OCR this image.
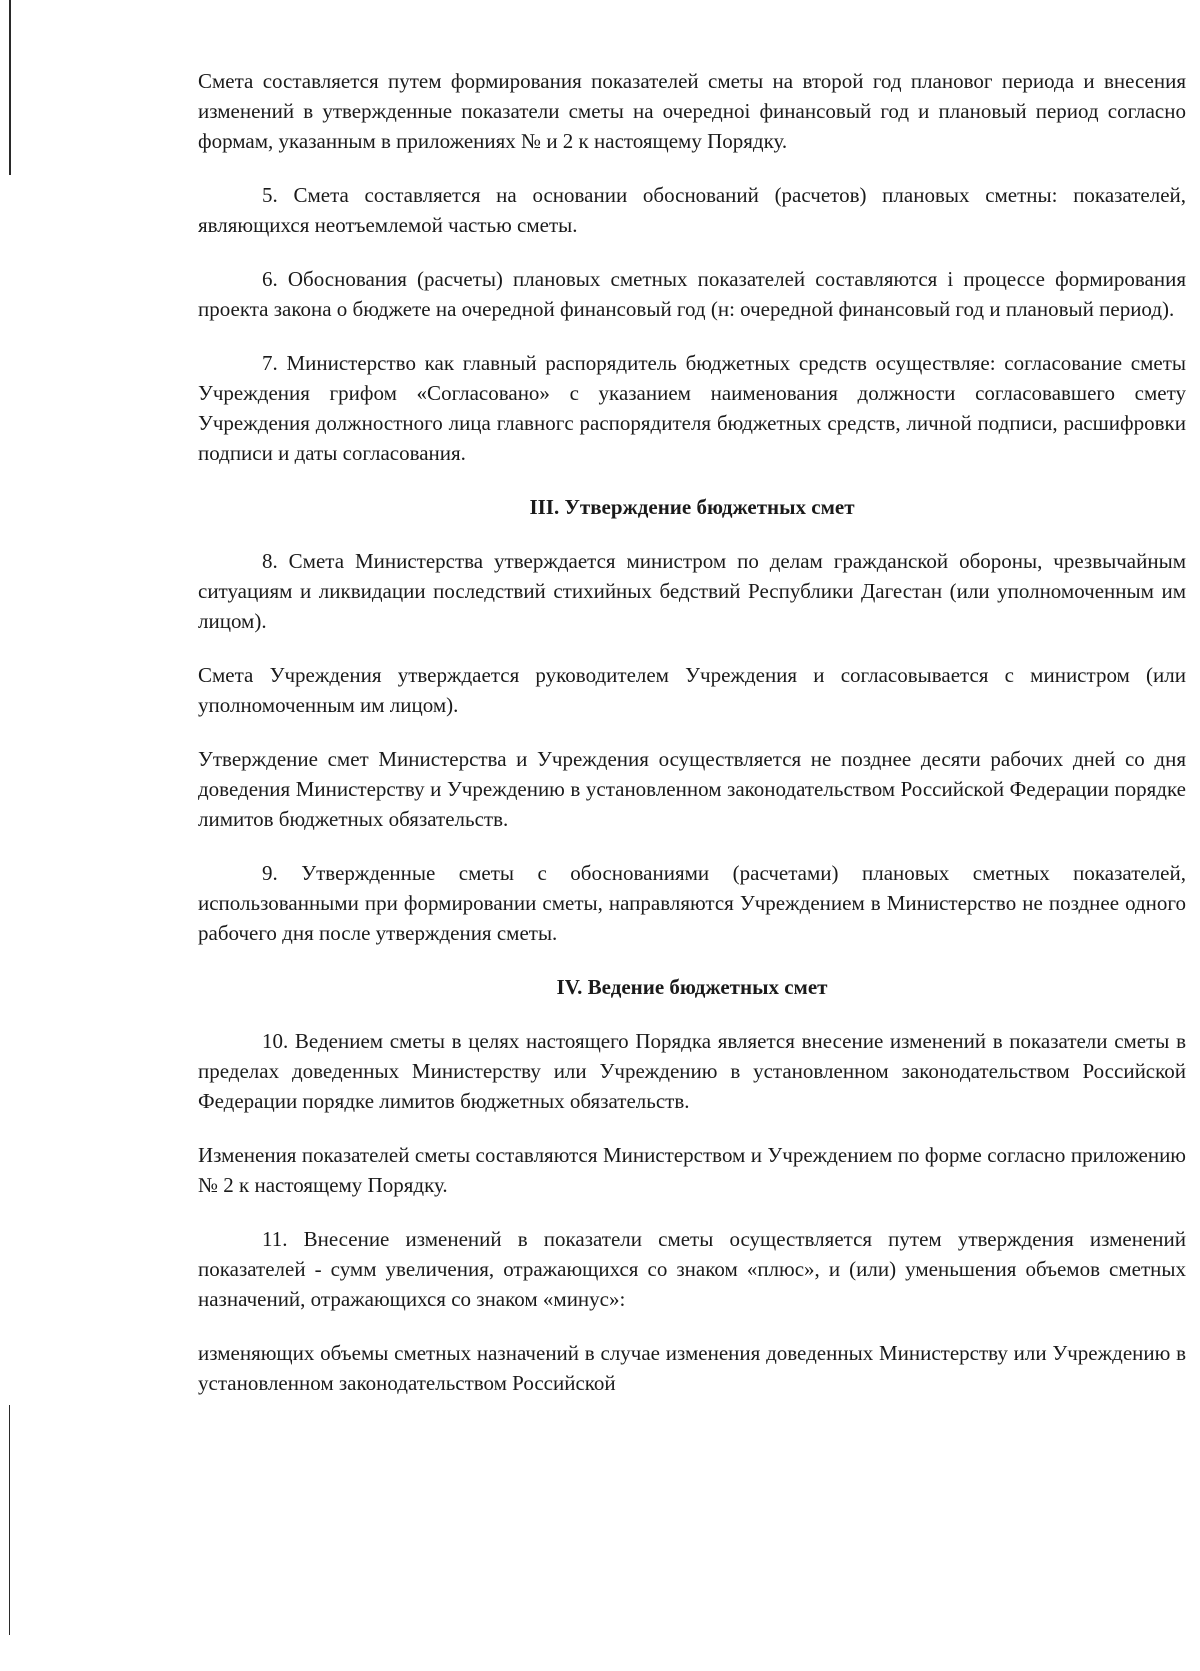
Смета составляется путем формирования показателей сметы на второй год плановог периода и внесения изменений в утвержденные показатели сметы на очереднoi финансовый год и плановый период согласно формам, указанным в приложениях № и 2 к настоящему Порядку.

5. Смета составляется на основании обоснований (расчетов) плановых сметны: показателей, являющихся неотъемлемой частью сметы.

6. Обоснования (расчеты) плановых сметных показателей составляются і процессе формирования проекта закона о бюджете на очередной финансовый год (н: очередной финансовый год и плановый период).

7. Министерство как главный распорядитель бюджетных средств осуществляе: согласование сметы Учреждения грифом «Согласовано» с указанием наименования должности согласовавшего смету Учреждения должностного лица главногс распорядителя бюджетных средств, личной подписи, расшифровки подписи и даты согласования.

III. Утверждение бюджетных смет

8. Смета Министерства утверждается министром по делам гражданской обороны, чрезвычайным ситуациям и ликвидации последствий стихийных бедствий Республики Дагестан (или уполномоченным им лицом).

Смета Учреждения утверждается руководителем Учреждения и согласовывается с министром (или уполномоченным им лицом).

Утверждение смет Министерства и Учреждения осуществляется не позднее десяти рабочих дней со дня доведения Министерству и Учреждению в установленном законодательством Российской Федерации порядке лимитов бюджетных обязательств.

9. Утвержденные сметы с обоснованиями (расчетами) плановых сметных показателей, использованными при формировании сметы, направляются Учреждением в Министерство не позднее одного рабочего дня после утверждения сметы.

IV. Ведение бюджетных смет

10. Ведением сметы в целях настоящего Порядка является внесение изменений в показатели сметы в пределах доведенных Министерству или Учреждению в установленном законодательством Российской Федерации порядке лимитов бюджетных обязательств.

Изменения показателей сметы составляются Министерством и Учреждением по форме согласно приложению № 2 к настоящему Порядку.

11. Внесение изменений в показатели сметы осуществляется путем утверждения изменений показателей - сумм увеличения, отражающихся со знаком «плюс», и (или) уменьшения объемов сметных назначений, отражающихся со знаком «минус»:

изменяющих объемы сметных назначений в случае изменения доведенных Министерству или Учреждению в установленном законодательством Российской
